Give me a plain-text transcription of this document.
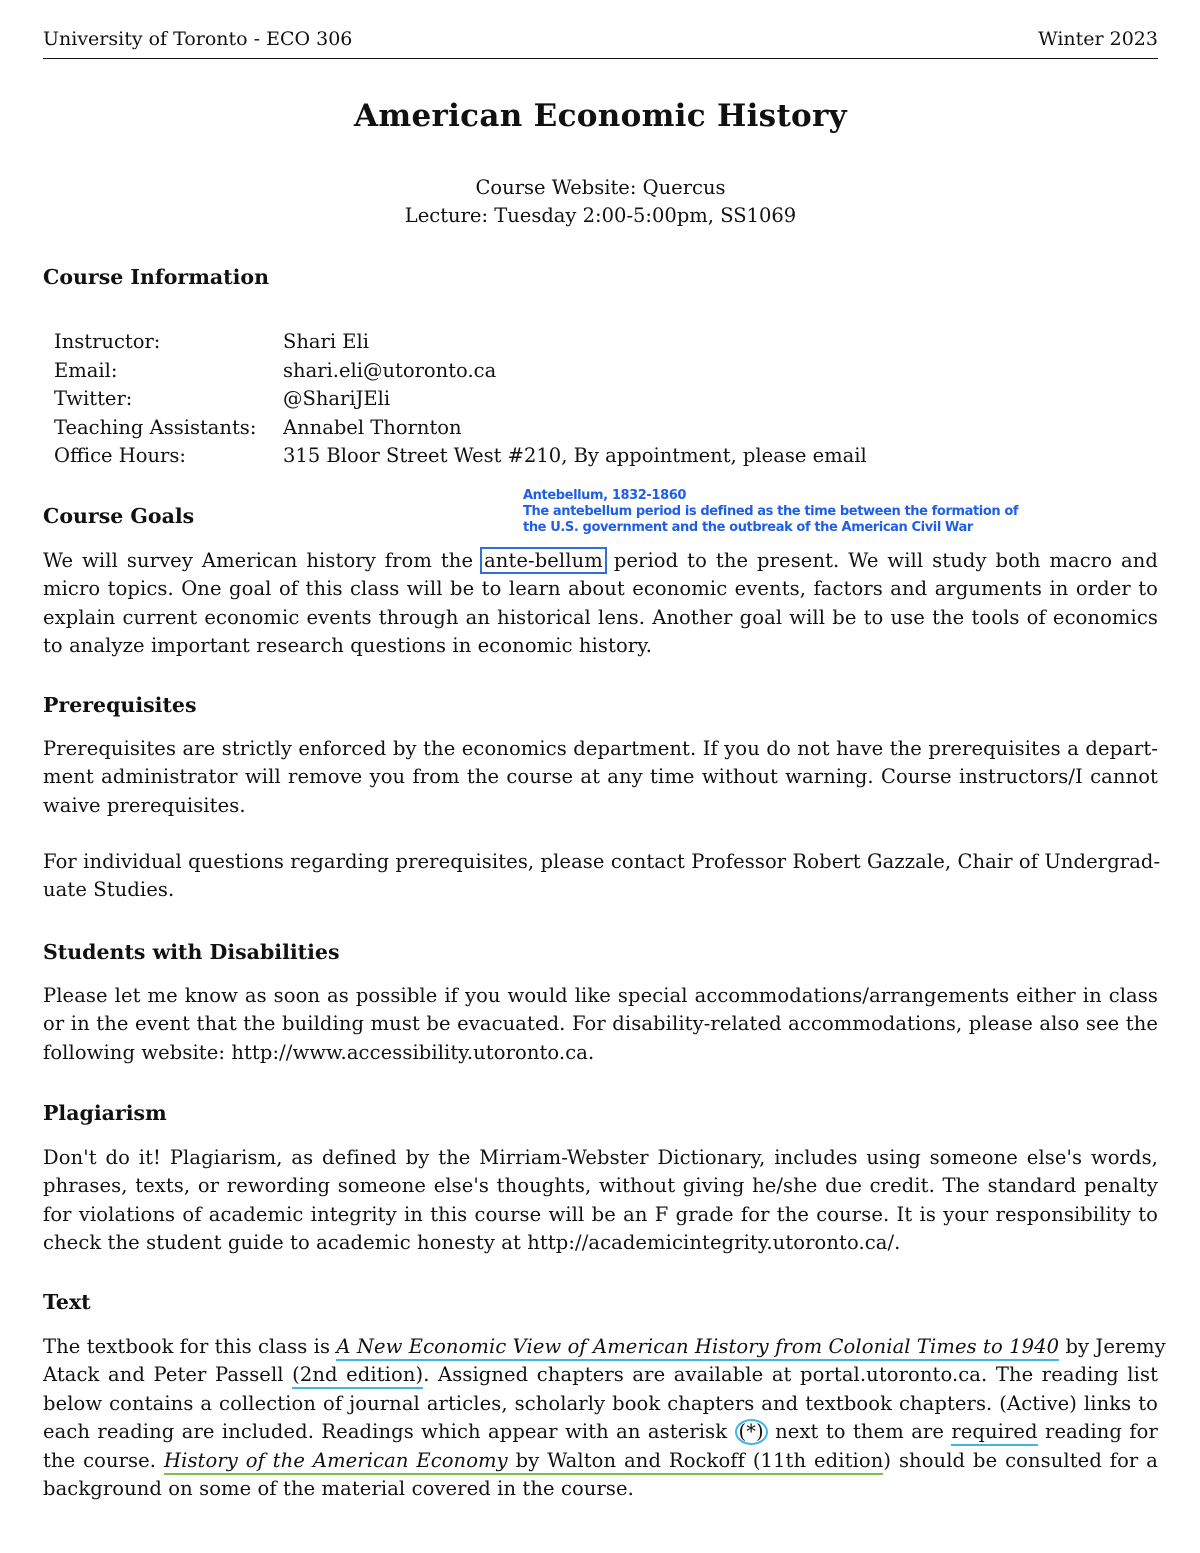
University of Toronto - ECO 306	Winter 2023
American Economic History
Course Website: Quercus
Lecture: Tuesday 2:00-5:00pm, SS1069
Course Information
Instructor:	Shari Eli
Email:	shari.eli@utoronto.ca
Twitter:	@ShariJEli
Teaching Assistants:	Annabel Thornton
Office Hours:	315 Bloor Street West #210, By appointment, please email
Course Goals
We will survey American history from the ante-bellum period to the present. We will study both macro and
micro topics. One goal of this class will be to learn about economic events, factors and arguments in order to
explain current economic events through an historical lens. Another goal will be to use the tools of economics
to analyze important research questions in economic history.
Prerequisites
Prerequisites are strictly enforced by the economics department. If you do not have the prerequisites a depart-
ment administrator will remove you from the course at any time without warning. Course instructors/I cannot
waive prerequisites.
For individual questions regarding prerequisites, please contact Professor Robert Gazzale, Chair of Undergrad-
uate Studies.
Students with Disabilities
Please let me know as soon as possible if you would like special accommodations/arrangements either in class
or in the event that the building must be evacuated. For disability-related accommodations, please also see the
following website: http://www.accessibility.utoronto.ca.
Plagiarism
Don't do it! Plagiarism, as defined by the Mirriam-Webster Dictionary, includes using someone else's words,
phrases, texts, or rewording someone else's thoughts, without giving he/she due credit. The standard penalty
for violations of academic integrity in this course will be an F grade for the course. It is your responsibility to
check the student guide to academic honesty at http://academicintegrity.utoronto.ca/.
Text
The textbook for this class is A New Economic View of American History from Colonial Times to 1940 by Jeremy
Atack and Peter Passell (2nd edition). Assigned chapters are available at portal.utoronto.ca. The reading list
below contains a collection of journal articles, scholarly book chapters and textbook chapters. (Active) links to
each reading are included. Readings which appear with an asterisk (*) next to them are required reading for
the course. History of the American Economy by Walton and Rockoff (11th edition) should be consulted for a
background on some of the material covered in the course.
Antebellum, 1832-1860
The antebellum period is defined as the time between the formation of
the U.S. government and the outbreak of the American Civil War
